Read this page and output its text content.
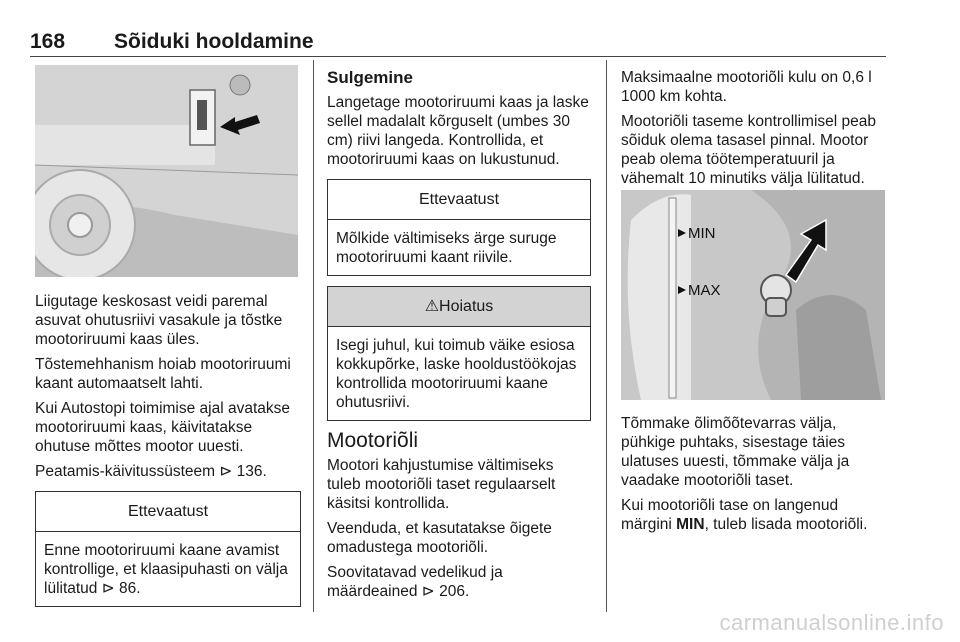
168 Sõiduki hooldamine

Liigutage keskosast veidi paremal asuvat ohutusriivi vasakule ja tõstke mootoriruumi kaas üles.

Tõstemehhanism hoiab mootoriruumi kaant automaatselt lahti.

Kui Autostopi toimimise ajal avatakse mootoriruumi kaas, käivitatakse ohutuse mõttes mootor uuesti.

Peatamis-käivitussüsteem ⊳ 136.

Ettevaatust
Enne mootoriruumi kaane avamist kontrollige, et klaasipuhasti on välja lülitatud ⊳ 86.
Sulgemine

Langetage mootoriruumi kaas ja laske sellel madalalt kõrguselt (umbes 30 cm) riivi langeda. Kontrollida, et mootoriruumi kaas on lukustunud.

Ettevaatust
Mõlkide vältimiseks ärge suruge mootoriruumi kaant riivile.
⚠Hoiatus
Isegi juhul, kui toimub väike esiosa kokkupõrke, laske hooldustöökojas kontrollida mootoriruumi kaane ohutusriivi.
Mootoriõli

Mootori kahjustumise vältimiseks tuleb mootoriõli taset regulaarselt käsitsi kontrollida.

Veenduda, et kasutatakse õigete omadustega mootoriõli.

Soovitatavad vedelikud ja määrdeained ⊳ 206.

Maksimaalne mootoriõli kulu on 0,6 l 1000 km kohta.

Mootoriõli taseme kontrollimisel peab sõiduk olema tasasel pinnal. Mootor peab olema töötemperatuuril ja vähemalt 10 minutiks välja lülitatud.

MIN
MAX

Tõmmake õlimõõtevarras välja, pühkige puhtaks, sisestage täies ulatuses uuesti, tõmmake välja ja vaadake mootoriõli taset.

Kui mootoriõli tase on langenud märgini MIN, tuleb lisada mootoriõli.

carmanualsonline.info
